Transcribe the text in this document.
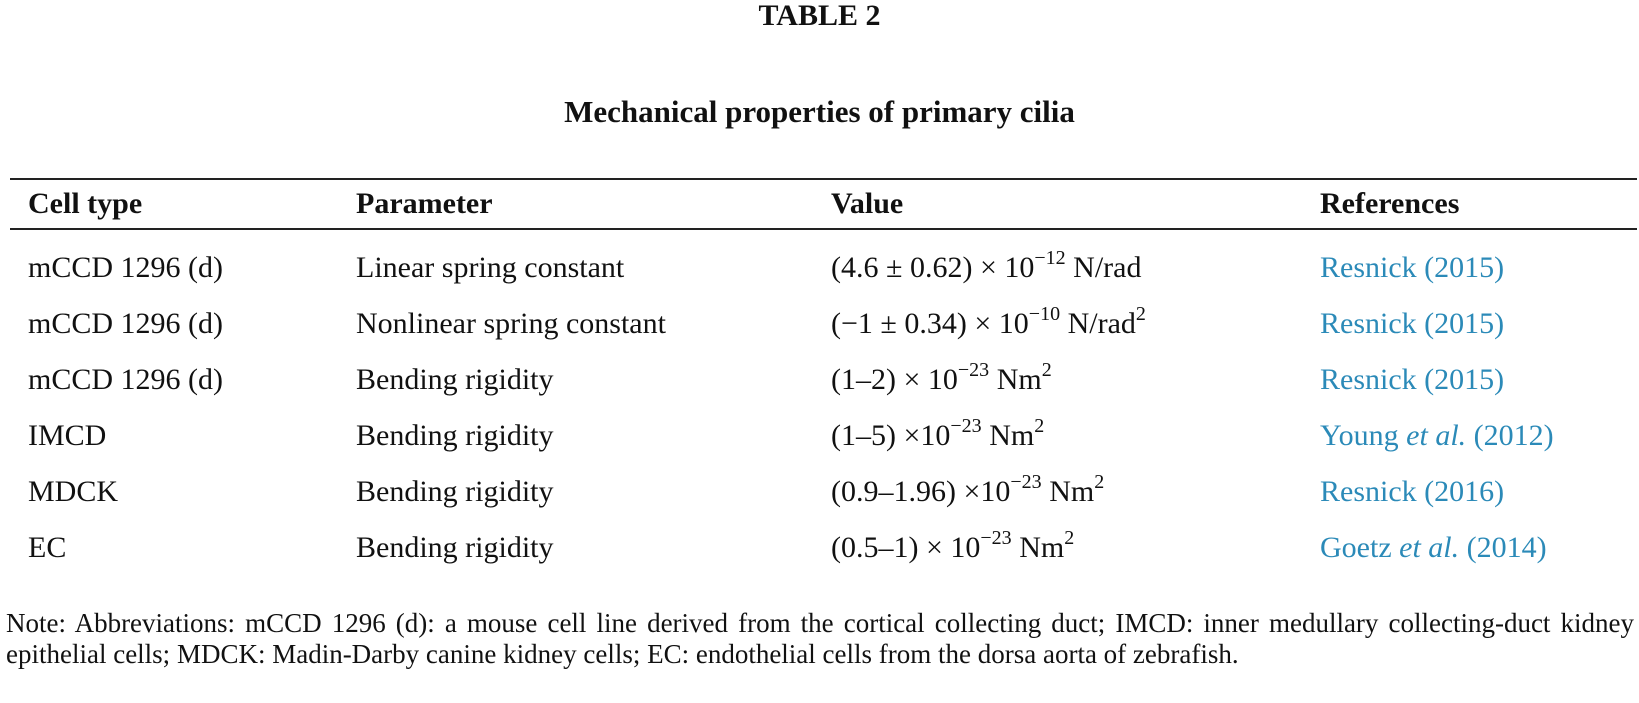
TABLE 2
Mechanical properties of primary cilia
Cell type	Parameter	Value	References
mCCD 1296 (d)	Linear spring constant	$(4.6 \pm 0.62) \times 10^{-12}$ N/rad	Resnick (2015)
mCCD 1296 (d)	Nonlinear spring constant	$(-1 \pm 0.34) \times 10^{-10}$ N/rad$^2$	Resnick (2015)
mCCD 1296 (d)	Bending rigidity	$(1-2) \times 10^{-23}$ Nm$^2$	Resnick (2015)
IMCD	Bending rigidity	$(1-5) \times 10^{-23}$ Nm$^2$	Young et al. (2012)
MDCK	Bending rigidity	$(0.9-1.96) \times 10^{-23}$ Nm$^2$	Resnick (2016)
EC	Bending rigidity	$(0.5-1) \times 10^{-23}$ Nm$^2$	Goetz et al. (2014)
Note: Abbreviations: mCCD 1296 (d): a mouse cell line derived from the cortical collecting duct; IMCD: inner medullary collecting-duct kidney epithelial cells; MDCK: Madin-Darby canine kidney cells; EC: endothelial cells from the dorsa aorta of zebrafish.
